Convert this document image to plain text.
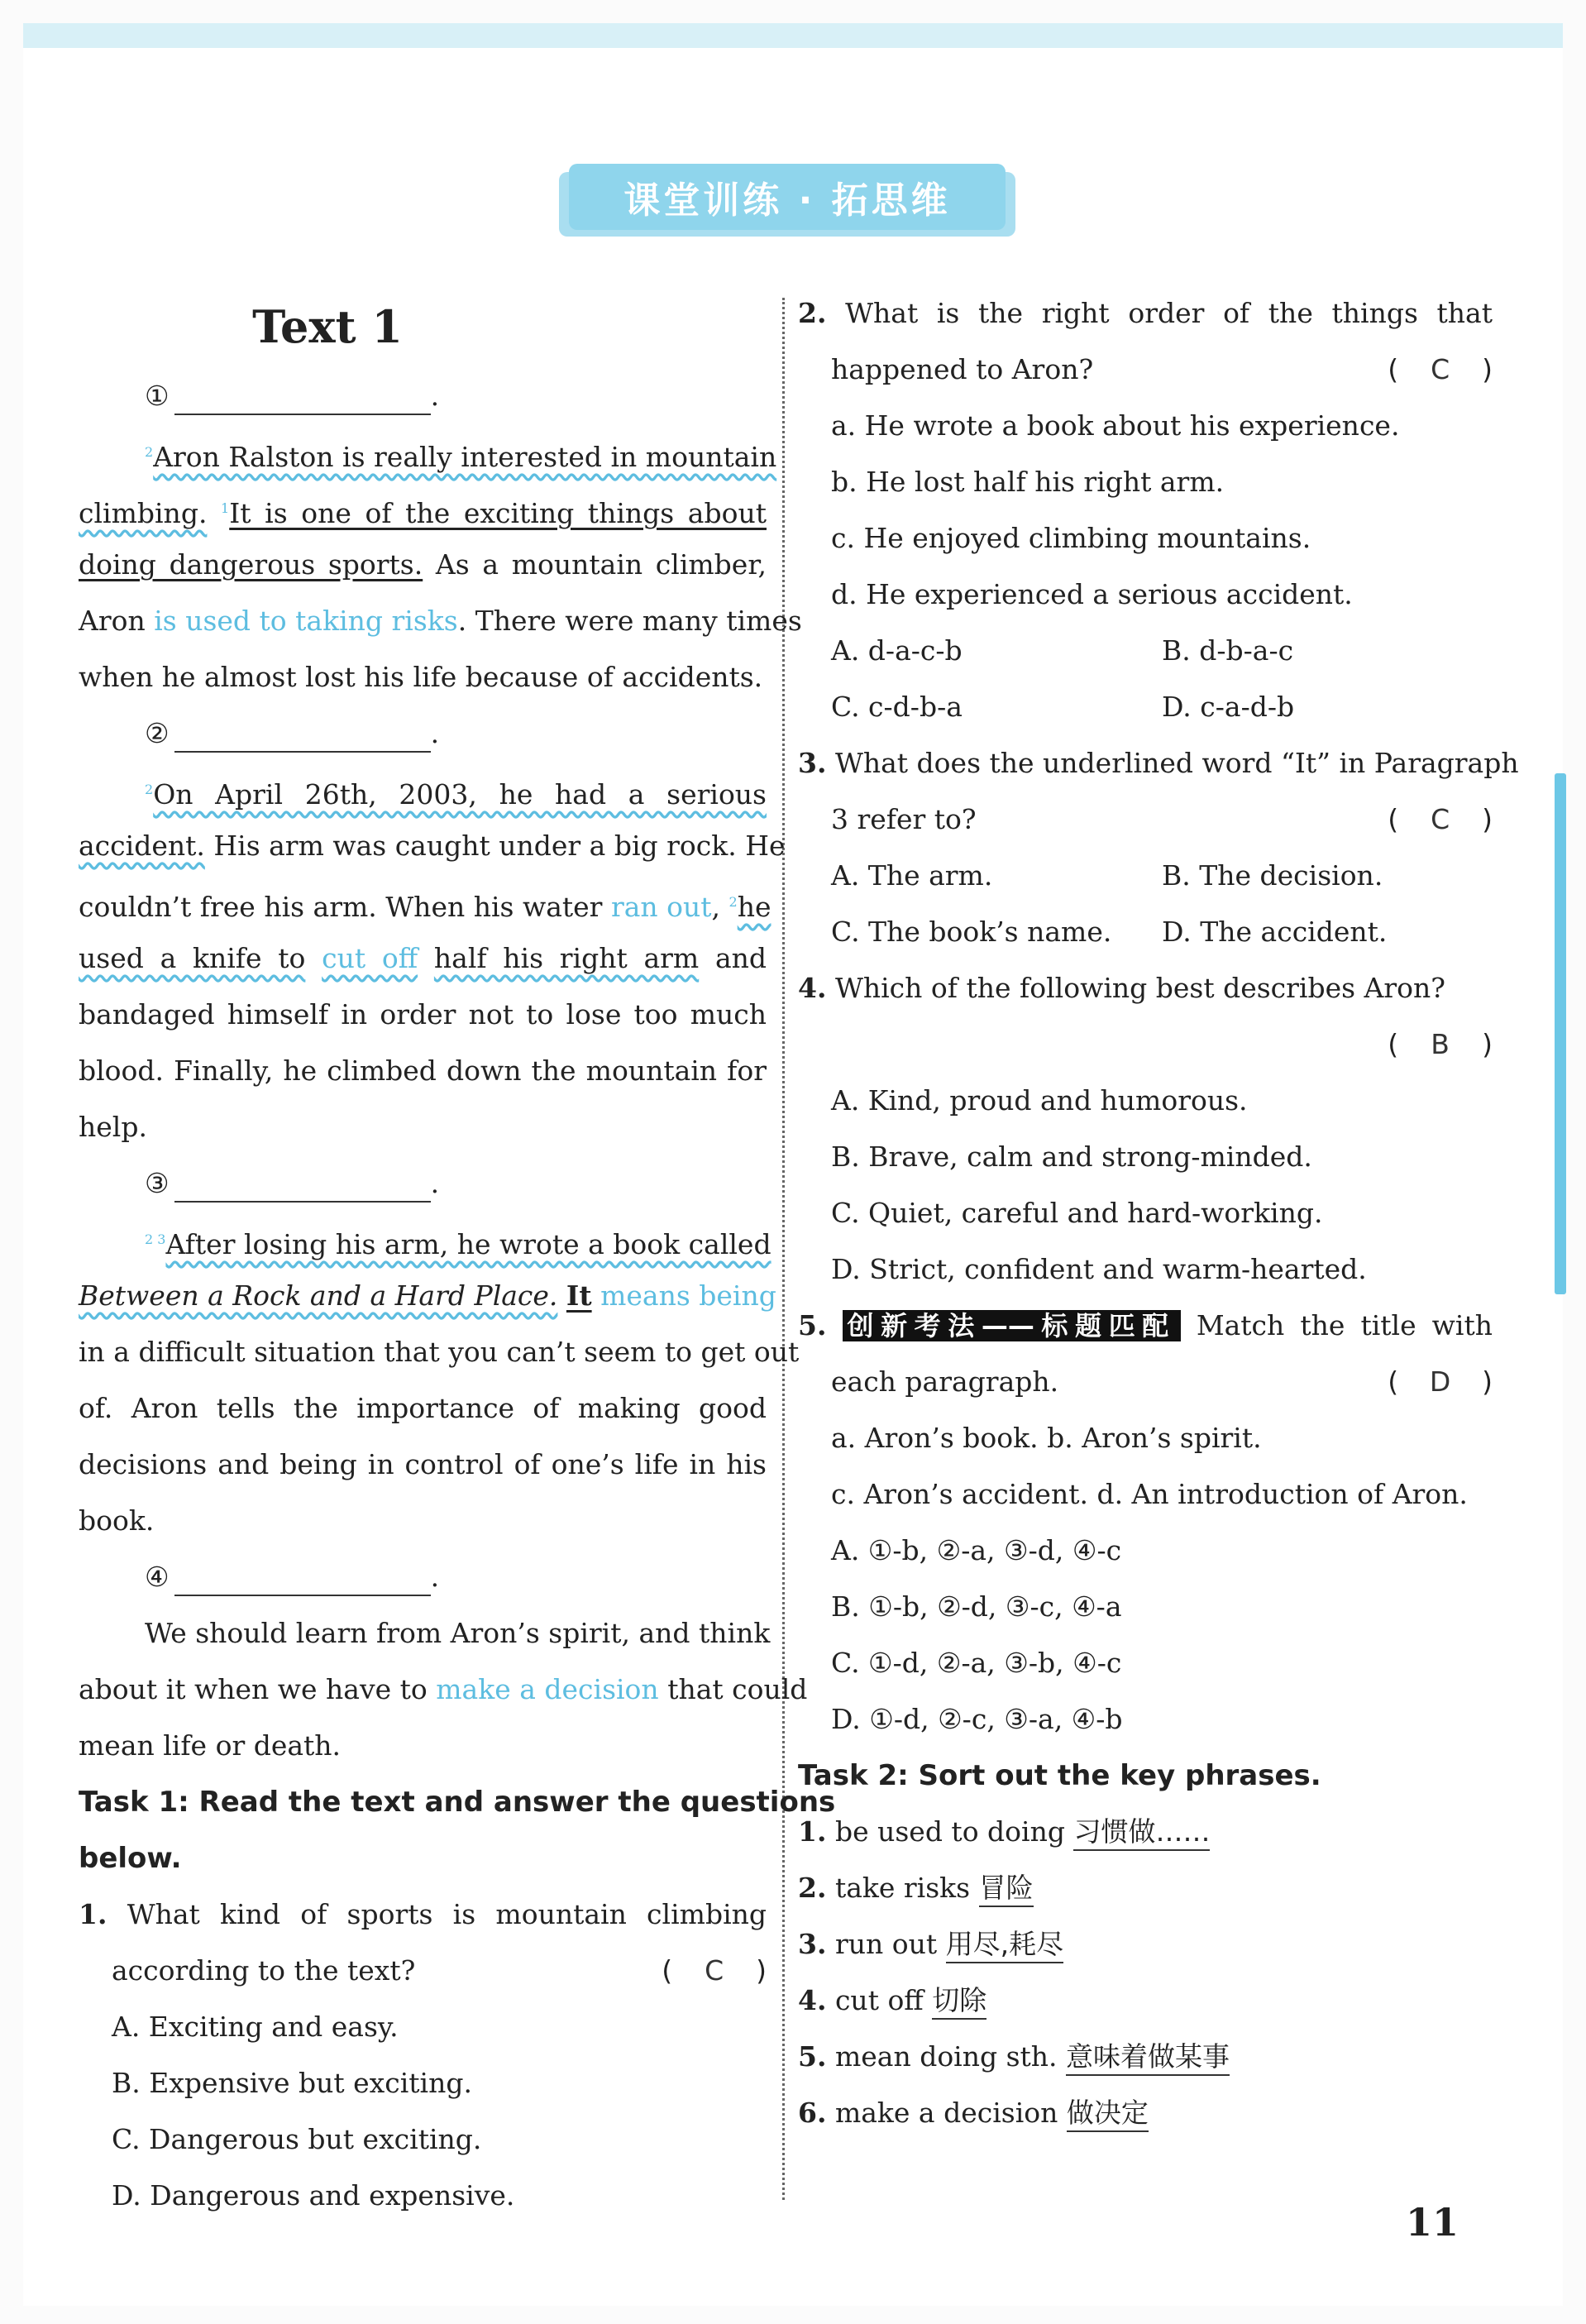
课堂训练 · 拓思维
Text 1
①	.
$^2$Aron Ralston is really interested in mountain
climbing. $^1$It is one of the exciting things about
doing dangerous sports. As a mountain climber,
Aron is used to taking risks. There were many times
when he almost lost his life because of accidents.
②	.
$^2$On April 26th, 2003, he had a serious
accident. His arm was caught under a big rock. He
couldn’t free his arm. When his water ran out, $^2$he
used a knife to cut off half his right arm and
bandaged himself in order not to lose too much
blood. Finally, he climbed down the mountain for
help.
③	.
$^{2 3}$After losing his arm, he wrote a book called
Between a Rock and a Hard Place. It means being
in a difficult situation that you can’t seem to get out
of. Aron tells the importance of making good
decisions and being in control of one’s life in his
book.
④	.
We should learn from Aron’s spirit, and think
about it when we have to make a decision that could
mean life or death.
Task 1: Read the text and answer the questions
below.
1. What kind of sports is mountain climbing
according to the text?	( C )
A. Exciting and easy.
B. Expensive but exciting.
C. Dangerous but exciting.
D. Dangerous and expensive.
2. What is the right order of the things that
happened to Aron?	( C )
a. He wrote a book about his experience.
b. He lost half his right arm.
c. He enjoyed climbing mountains.
d. He experienced a serious accident.
A. d-a-c-b	B. d-b-a-c
C. c-d-b-a	D. c-a-d-b
3. What does the underlined word “It” in Paragraph
3 refer to?	( C )
A. The arm.	B. The decision.
C. The book’s name.	D. The accident.
4. Which of the following best describes Aron?
( B )
A. Kind, proud and humorous.
B. Brave, calm and strong-minded.
C. Quiet, careful and hard-working.
D. Strict, confident and warm-hearted.
5. 创新考法——标题匹配 Match the title with
each paragraph.	( D )
a. Aron’s book. b. Aron’s spirit.
c. Aron’s accident. d. An introduction of Aron.
A. ①-b, ②-a, ③-d, ④-c
B. ①-b, ②-d, ③-c, ④-a
C. ①-d, ②-a, ③-b, ④-c
D. ①-d, ②-c, ③-a, ④-b
Task 2: Sort out the key phrases.
1. be used to doing 习惯做……
2. take risks 冒险
3. run out 用尽,耗尽
4. cut off 切除
5. mean doing sth. 意味着做某事
6. make a decision 做决定
11
